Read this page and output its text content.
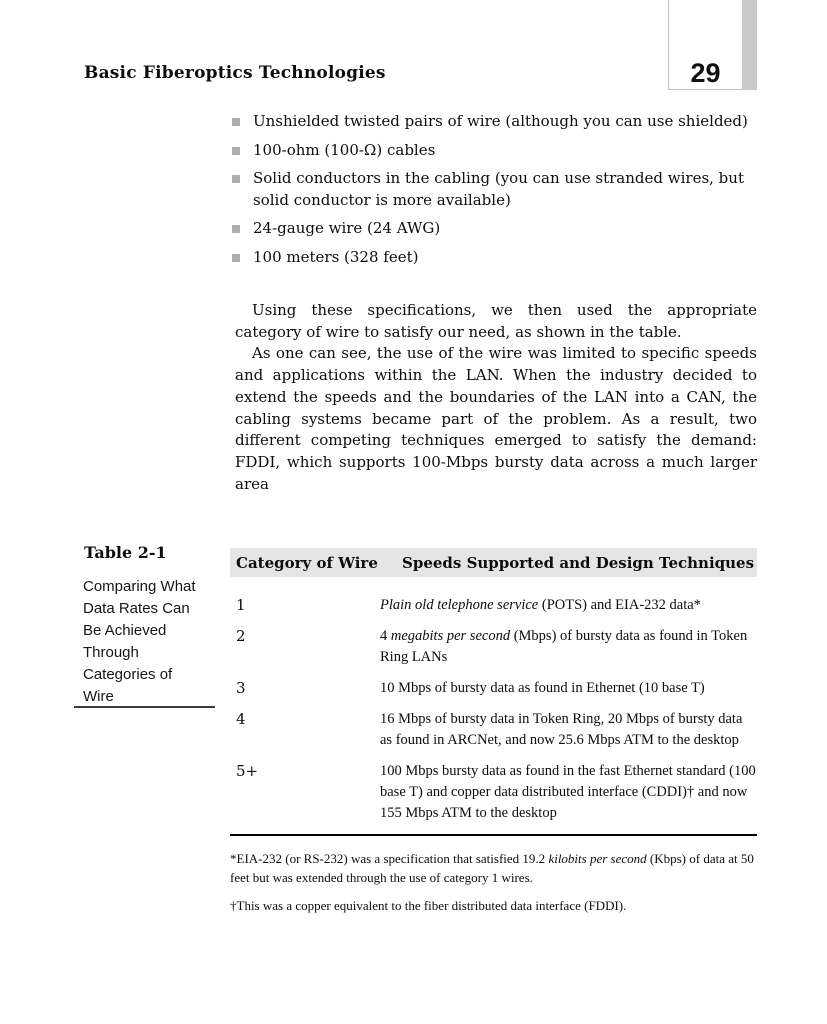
Basic Fiberoptics Technologies	29
Unshielded twisted pairs of wire (although you can use shielded)
100-ohm (100-Ω) cables
Solid conductors in the cabling (you can use stranded wires, but solid conductor is more available)
24-gauge wire (24 AWG)
100 meters (328 feet)

Using these specifications, we then used the appropriate category of wire to satisfy our need, as shown in the table.

As one can see, the use of the wire was limited to specific speeds and applications within the LAN. When the industry decided to extend the speeds and the boundaries of the LAN into a CAN, the cabling systems became part of the problem. As a result, two different competing techniques emerged to satisfy the demand: FDDI, which supports 100-Mbps bursty data across a much larger area

Table 2-1
Comparing What Data Rates Can Be Achieved Through Categories of Wire
Category of Wire	Speeds Supported and Design Techniques
1	Plain old telephone service (POTS) and EIA-232 data*
2	4 megabits per second (Mbps) of bursty data as found in Token Ring LANs
3	10 Mbps of bursty data as found in Ethernet (10 base T)
4	16 Mbps of bursty data in Token Ring, 20 Mbps of bursty data as found in ARCNet, and now 25.6 Mbps ATM to the desktop
5+	100 Mbps bursty data as found in the fast Ethernet standard (100 base T) and copper data distributed interface (CDDI)† and now 155 Mbps ATM to the desktop
*EIA-232 (or RS-232) was a specification that satisfied 19.2 kilobits per second (Kbps) of data at 50 feet but was extended through the use of category 1 wires.
†This was a copper equivalent to the fiber distributed data interface (FDDI).
